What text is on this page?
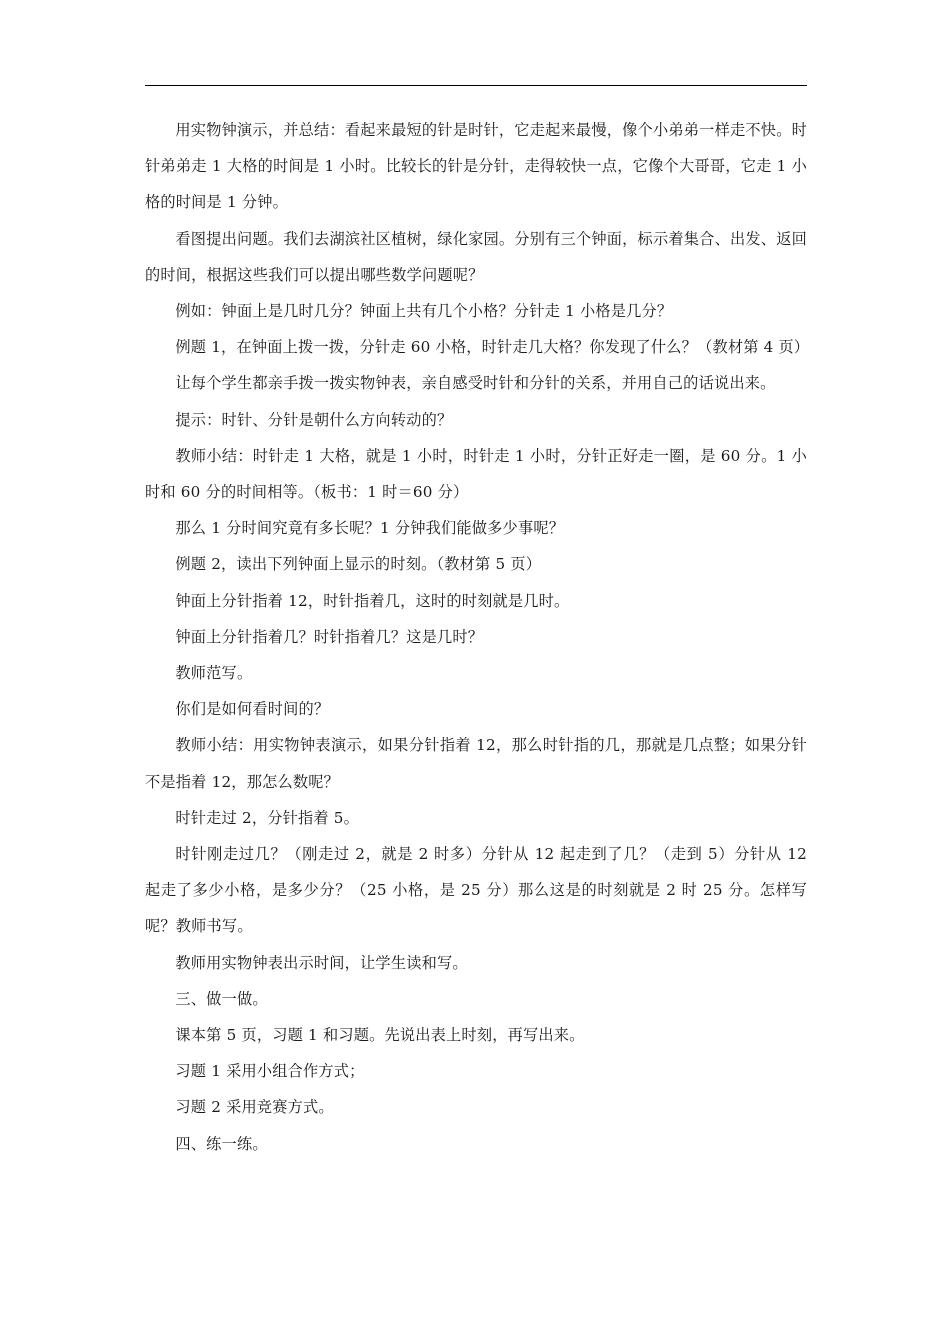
用实物钟演示，并总结：看起来最短的针是时针，它走起来最慢，像个小弟弟一样走不快。时针弟弟走 1 大格的时间是 1 小时。比较长的针是分针，走得较快一点，它像个大哥哥，它走 1 小格的时间是 1 分钟。

看图提出问题。我们去湖滨社区植树，绿化家园。分别有三个钟面，标示着集合、出发、返回的时间，根据这些我们可以提出哪些数学问题呢？

例如：钟面上是几时几分？钟面上共有几个小格？分针走 1 小格是几分？

例题 1，在钟面上拨一拨，分针走 60 小格，时针走几大格？你发现了什么？（教材第 4 页）

让每个学生都亲手拨一拨实物钟表，亲自感受时针和分针的关系，并用自己的话说出来。

提示：时针、分针是朝什么方向转动的？

教师小结：时针走 1 大格，就是 1 小时，时针走 1 小时，分针正好走一圈，是 60 分。1 小时和 60 分的时间相等。（板书：1 时＝60 分）

那么 1 分时间究竟有多长呢？1 分钟我们能做多少事呢？

例题 2，读出下列钟面上显示的时刻。（教材第 5 页）

钟面上分针指着 12，时针指着几，这时的时刻就是几时。

钟面上分针指着几？时针指着几？这是几时？

教师范写。

你们是如何看时间的？

教师小结：用实物钟表演示，如果分针指着 12，那么时针指的几，那就是几点整；如果分针不是指着 12，那怎么数呢？

时针走过 2，分针指着 5。

时针刚走过几？（刚走过 2，就是 2 时多）分针从 12 起走到了几？（走到 5）分针从 12 起走了多少小格，是多少分？（25 小格，是 25 分）那么这是的时刻就是 2 时 25 分。怎样写呢？教师书写。

教师用实物钟表出示时间，让学生读和写。

三、做一做。

课本第 5 页，习题 1 和习题。先说出表上时刻，再写出来。

习题 1 采用小组合作方式；

习题 2 采用竞赛方式。

四、练一练。
